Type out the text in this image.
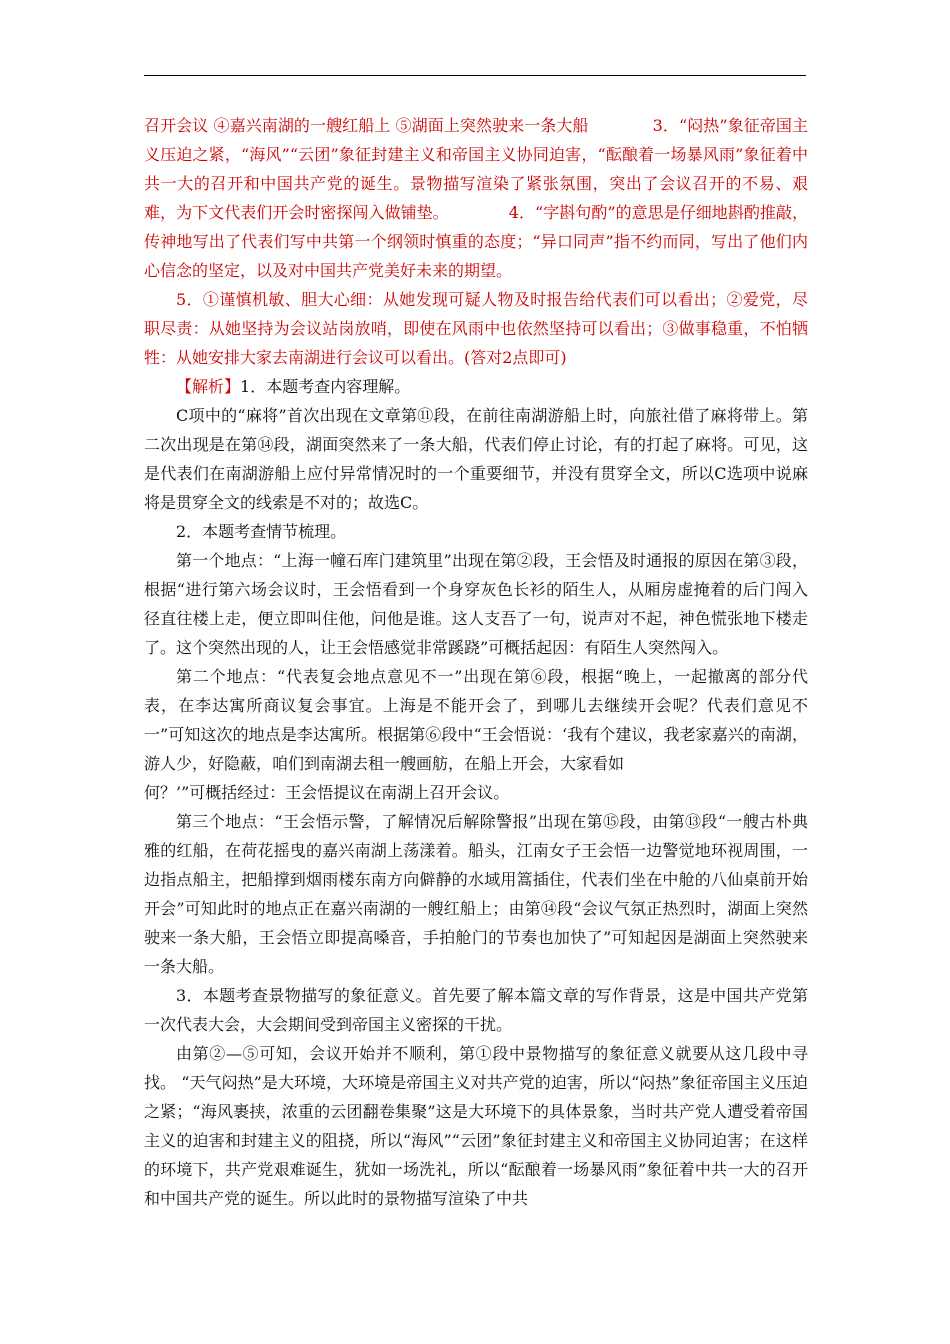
召开会议 ④嘉兴南湖的一艘红船上 ⑤湖面上突然驶来一条大船	3．“闷热”象征帝国主义压迫之紧，“海风”“云团”象征封建主义和帝国主义协同迫害，“酝酿着一场暴风雨”象征着中共一大的召开和中国共产党的诞生。景物描写渲染了紧张氛围，突出了会议召开的不易、艰难，为下文代表们开会时密探闯入做铺垫。	4．“字斟句酌”的意思是仔细地斟酌推敲，传神地写出了代表们写中共第一个纲领时慎重的态度；“异口同声”指不约而同，写出了他们内心信念的坚定，以及对中国共产党美好未来的期望。

5．①谨慎机敏、胆大心细：从她发现可疑人物及时报告给代表们可以看出；②爱党，尽职尽责：从她坚持为会议站岗放哨，即使在风雨中也依然坚持可以看出；③做事稳重，不怕牺牲：从她安排大家去南湖进行会议可以看出。(答对2点即可)

【解析】1．本题考查内容理解。

C项中的“麻将”首次出现在文章第⑪段，在前往南湖游船上时，向旅社借了麻将带上。第二次出现是在第⑭段，湖面突然来了一条大船，代表们停止讨论，有的打起了麻将。可见，这是代表们在南湖游船上应付异常情况时的一个重要细节，并没有贯穿全文，所以C选项中说麻将是贯穿全文的线索是不对的；故选C。

2．本题考查情节梳理。

第一个地点：“上海一幢石库门建筑里”出现在第②段，王会悟及时通报的原因在第③段，根据“进行第六场会议时，王会悟看到一个身穿灰色长衫的陌生人，从厢房虚掩着的后门闯入径直往楼上走，便立即叫住他，问他是谁。这人支吾了一句，说声对不起，神色慌张地下楼走了。这个突然出现的人，让王会悟感觉非常蹊跷”可概括起因：有陌生人突然闯入。

第二个地点：“代表复会地点意见不一”出现在第⑥段，根据“晚上，一起撤离的部分代表，在李达寓所商议复会事宜。上海是不能开会了，到哪儿去继续开会呢？代表们意见不一”可知这次的地点是李达寓所。根据第⑥段中“王会悟说：‘我有个建议，我老家嘉兴的南湖，游人少，好隐蔽，咱们到南湖去租一艘画舫，在船上开会，大家看如
何？’”可概括经过：王会悟提议在南湖上召开会议。

第三个地点：“王会悟示警，了解情况后解除警报”出现在第⑮段，由第⑬段“一艘古朴典雅的红船，在荷花摇曳的嘉兴南湖上荡漾着。船头，江南女子王会悟一边警觉地环视周围，一边指点船主，把船撑到烟雨楼东南方向僻静的水域用篙插住，代表们坐在中舱的八仙桌前开始开会”可知此时的地点正在嘉兴南湖的一艘红船上；由第⑭段“会议气氛正热烈时，湖面上突然驶来一条大船，王会悟立即提高嗓音，手拍舱门的节奏也加快了”可知起因是湖面上突然驶来一条大船。

3．本题考查景物描写的象征意义。首先要了解本篇文章的写作背景，这是中国共产党第一次代表大会，大会期间受到帝国主义密探的干扰。

由第②—⑤可知，会议开始并不顺利，第①段中景物描写的象征意义就要从这几段中寻找。 “天气闷热”是大环境，大环境是帝国主义对共产党的迫害，所以“闷热”象征帝国主义压迫之紧；“海风裹挟，浓重的云团翻卷集聚”这是大环境下的具体景象，当时共产党人遭受着帝国主义的迫害和封建主义的阻挠，所以“海风”“云团”象征封建主义和帝国主义协同迫害；在这样的环境下，共产党艰难诞生，犹如一场洗礼，所以“酝酿着一场暴风雨”象征着中共一大的召开和中国共产党的诞生。所以此时的景物描写渲染了中共
